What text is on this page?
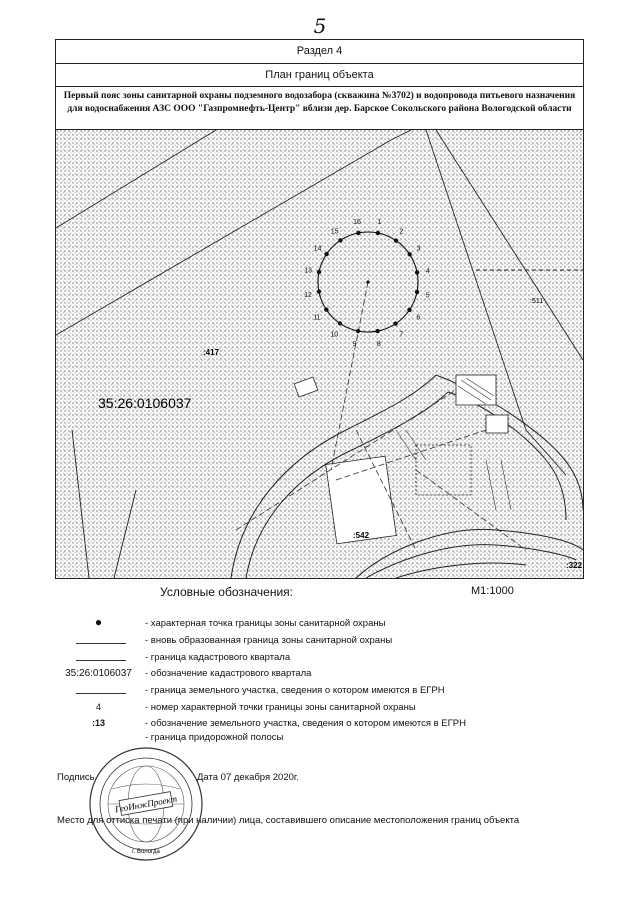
5
Раздел 4
План границ объекта
Первый пояс зоны санитарной охраны подземного водозабора (скважина №3702) и водопровода питьевого назначения для водоснабжения АЗС ООО "Газпромнефть-Центр" вблизи дер. Барское Сокольского района Вологодской области
1
2
3
4
5
6
7
8
9
10
11
12
13
14
15
16
:417
:542
:322
:511
35:26:0106037
Условные обозначения:	М1:1000
●	- характерная точка границы зоны санитарной охраны
- вновь образованная граница зоны санитарной охраны
- граница кадастрового квартала
35:26:0106037	- обозначение кадастрового квартала
- граница земельного участка, сведения о котором имеются в ЕГРН
4	- номер характерной точки границы зоны санитарной охраны
:13	- обозначение земельного участка, сведения о котором имеются в ЕГРН
- граница придорожной полосы
Подпись	Дата 07 декабря 2020г.
Место для оттиска печати (при наличии) лица, составившего описание местоположения границ объекта
ГеоИнжПроект
г. Вологда
